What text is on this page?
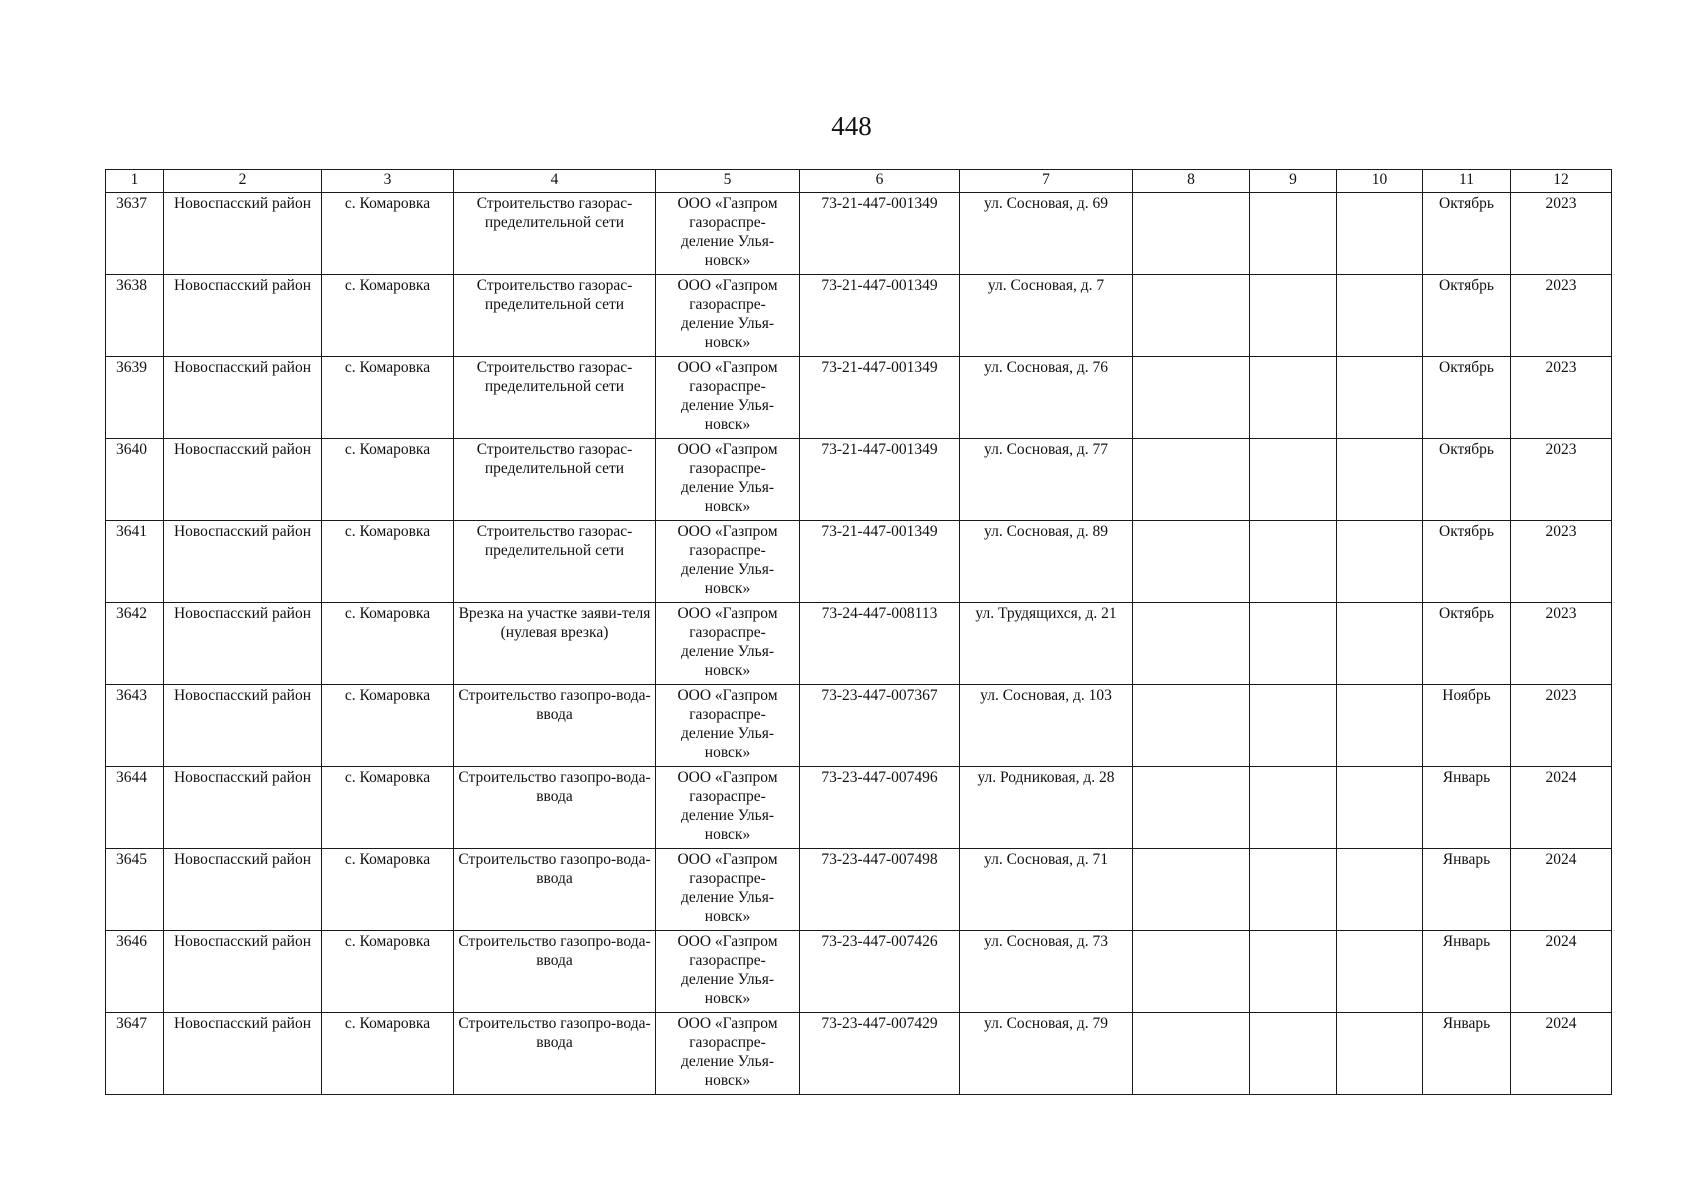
448
1	2	3	4	5	6	7	8	9	10	11	12
3637	Новоспасский район	с. Комаровка	Строительство газорас-пределительной сети	ООО «Газпром газораспре-деление Улья-новск»	73-21-447-001349	ул. Сосновая, д. 69				Октябрь	2023
3638	Новоспасский район	с. Комаровка	Строительство газорас-пределительной сети	ООО «Газпром газораспре-деление Улья-новск»	73-21-447-001349	ул. Сосновая, д. 7				Октябрь	2023
3639	Новоспасский район	с. Комаровка	Строительство газорас-пределительной сети	ООО «Газпром газораспре-деление Улья-новск»	73-21-447-001349	ул. Сосновая, д. 76				Октябрь	2023
3640	Новоспасский район	с. Комаровка	Строительство газорас-пределительной сети	ООО «Газпром газораспре-деление Улья-новск»	73-21-447-001349	ул. Сосновая, д. 77				Октябрь	2023
3641	Новоспасский район	с. Комаровка	Строительство газорас-пределительной сети	ООО «Газпром газораспре-деление Улья-новск»	73-21-447-001349	ул. Сосновая, д. 89				Октябрь	2023
3642	Новоспасский район	с. Комаровка	Врезка на участке заяви-теля (нулевая врезка)	ООО «Газпром газораспре-деление Улья-новск»	73-24-447-008113	ул. Трудящихся, д. 21				Октябрь	2023
3643	Новоспасский район	с. Комаровка	Строительство газопро-вода-ввода	ООО «Газпром газораспре-деление Улья-новск»	73-23-447-007367	ул. Сосновая, д. 103				Ноябрь	2023
3644	Новоспасский район	с. Комаровка	Строительство газопро-вода-ввода	ООО «Газпром газораспре-деление Улья-новск»	73-23-447-007496	ул. Родниковая, д. 28				Январь	2024
3645	Новоспасский район	с. Комаровка	Строительство газопро-вода-ввода	ООО «Газпром газораспре-деление Улья-новск»	73-23-447-007498	ул. Сосновая, д. 71				Январь	2024
3646	Новоспасский район	с. Комаровка	Строительство газопро-вода-ввода	ООО «Газпром газораспре-деление Улья-новск»	73-23-447-007426	ул. Сосновая, д. 73				Январь	2024
3647	Новоспасский район	с. Комаровка	Строительство газопро-вода-ввода	ООО «Газпром газораспре-деление Улья-новск»	73-23-447-007429	ул. Сосновая, д. 79				Январь	2024
